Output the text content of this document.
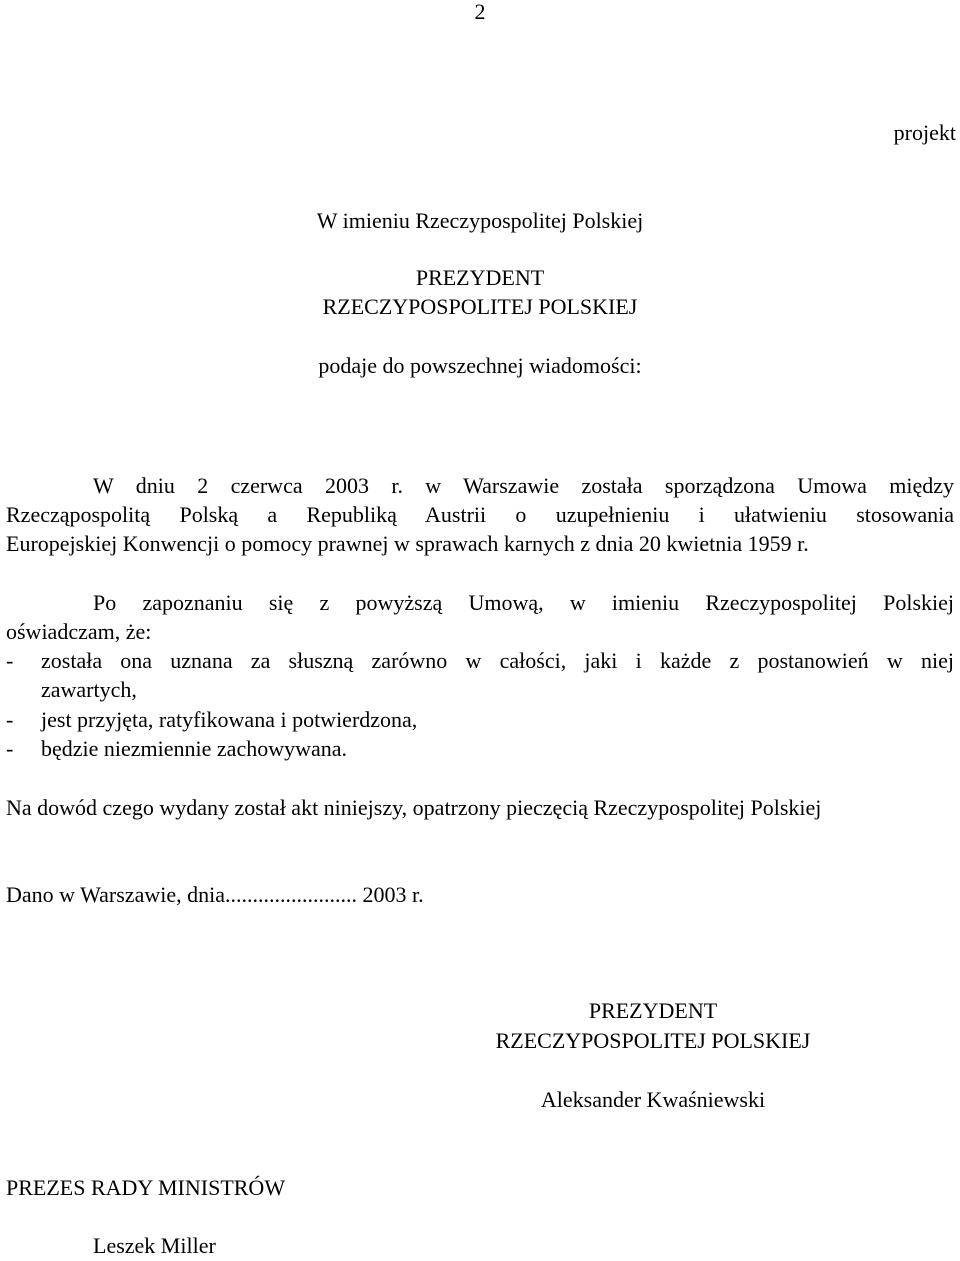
2
projekt
W imieniu Rzeczypospolitej Polskiej
PREZYDENT
RZECZYPOSPOLITEJ POLSKIEJ
podaje do powszechnej wiadomości:
W dniu 2 czerwca 2003 r. w Warszawie została sporządzona Umowa między
Rzecząpospolitą Polską a Republiką Austrii o uzupełnieniu i ułatwieniu stosowania
Europejskiej Konwencji o pomocy prawnej w sprawach karnych z dnia 20 kwietnia 1959 r.
Po zapoznaniu się z powyższą Umową, w imieniu Rzeczypospolitej Polskiej
oświadczam, że:
- została ona uznana za słuszną zarówno w całości, jaki i każde z postanowień w niej
zawartych,
- jest przyjęta, ratyfikowana i potwierdzona,
- będzie niezmiennie zachowywana.
Na dowód czego wydany został akt niniejszy, opatrzony pieczęcią Rzeczypospolitej Polskiej
Dano w Warszawie, dnia........................ 2003 r.
PREZYDENT
RZECZYPOSPOLITEJ POLSKIEJ
Aleksander Kwaśniewski
PREZES RADY MINISTRÓW
Leszek Miller
